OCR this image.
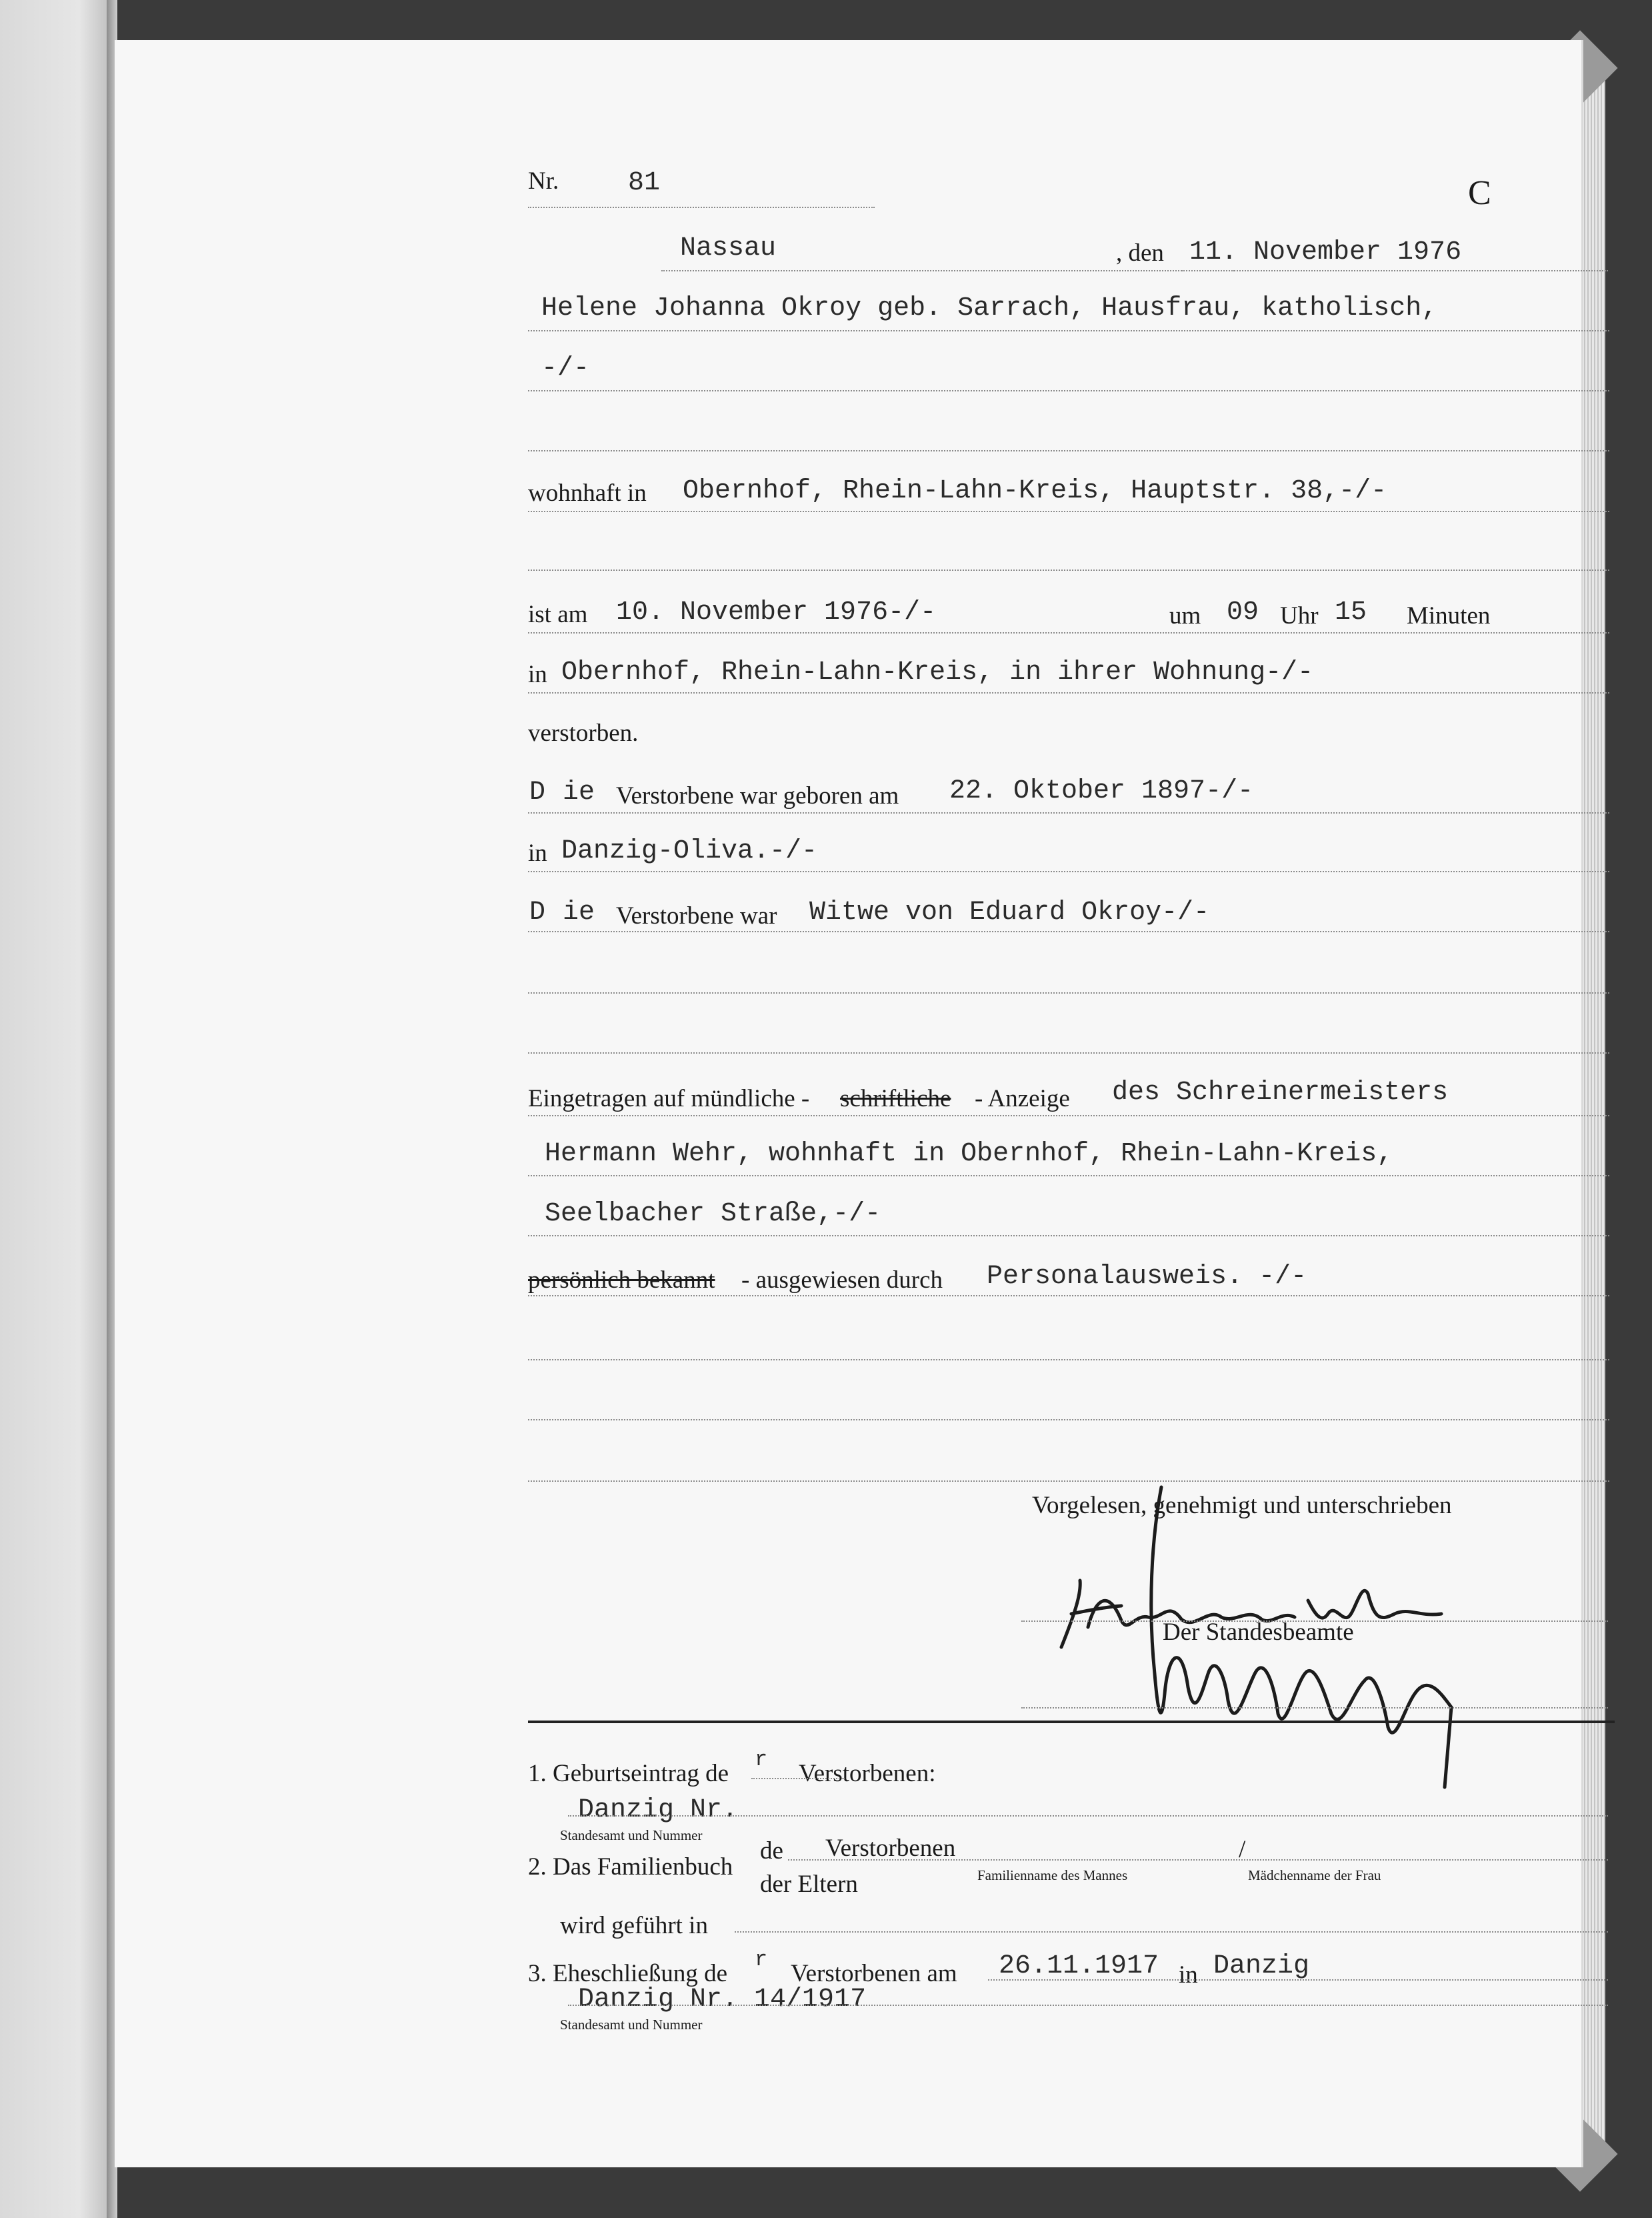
Nr.	81	C
Nassau	, den 11. November 1976
Helene Johanna Okroy geb. Sarrach, Hausfrau, katholisch,
-/-
wohnhaft in Obernhof, Rhein-Lahn-Kreis, Hauptstr. 38,-/-
ist am 10. November 1976-/-	um 09 Uhr 15 Minuten
in Obernhof, Rhein-Lahn-Kreis, in ihrer Wohnung-/-
verstorben.
D ie Verstorbene war geboren am 22. Oktober 1897-/-
in Danzig-Oliva.-/-
D ie Verstorbene war Witwe von Eduard Okroy-/-
Eingetragen auf mündliche - schriftliche - Anzeige des Schreinermeisters
Hermann Wehr, wohnhaft in Obernhof, Rhein-Lahn-Kreis,
Seelbacher Straße,-/-
persönlich bekannt - ausgewiesen durch Personalausweis. -/-
Vorgelesen, genehmigt und unterschrieben
Der Standesbeamte
1. Geburtseintrag de
r
Verstorbenen:
Danzig Nr.
Standesamt und Nummer
2. Das Familienbuch
de Verstorbenen
der Eltern
/
Familienname des Mannes	Mädchenname der Frau
wird geführt in
3. Eheschließung de
r
Verstorbenen am 26.11.1917 in Danzig
Danzig Nr. 14/1917
Standesamt und Nummer
